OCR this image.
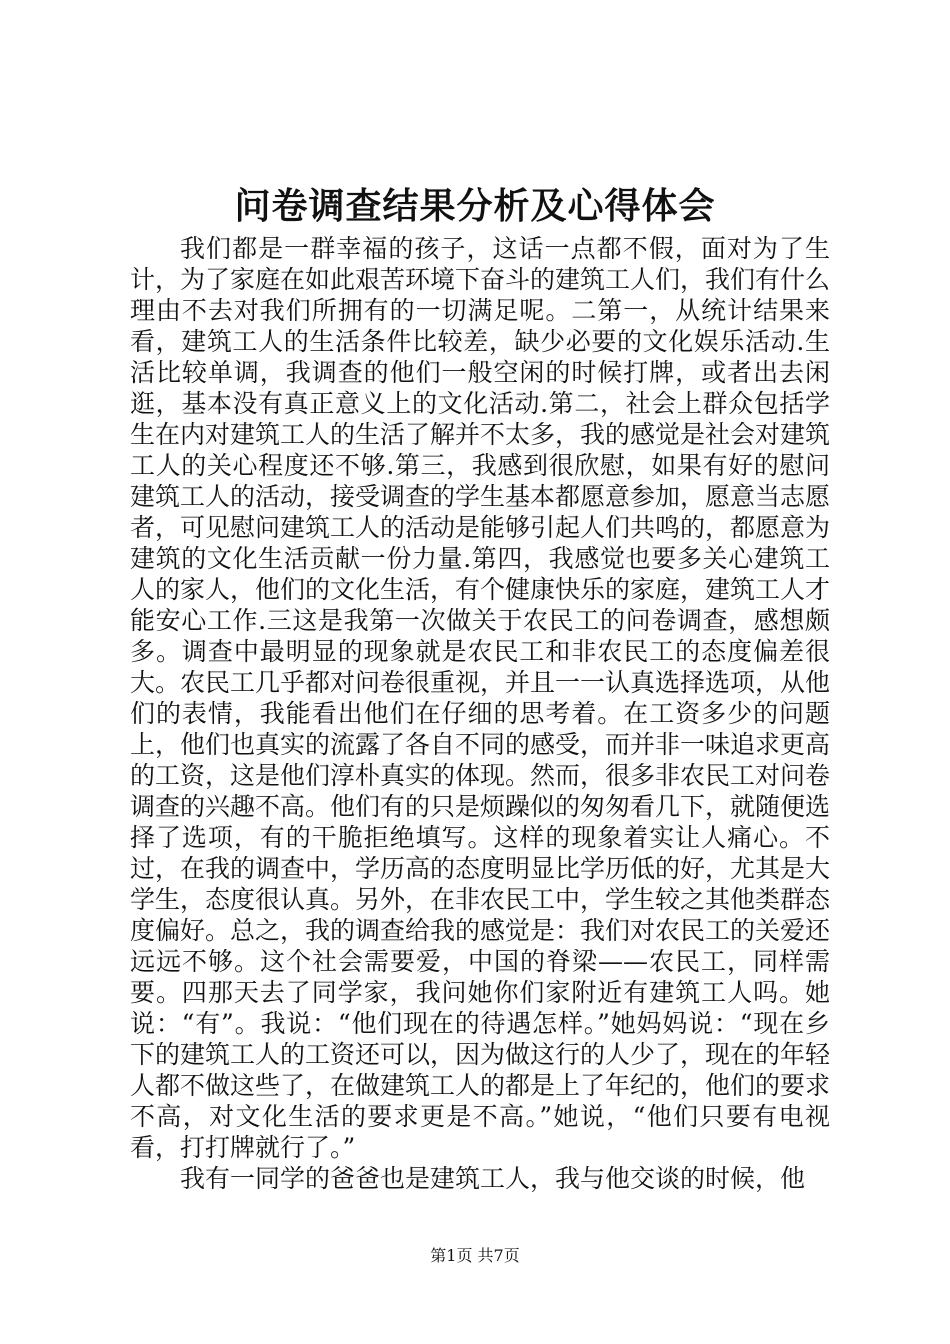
问卷调查结果分析及心得体会

我们都是一群幸福的孩子，这话一点都不假，面对为了生计，为了家庭在如此艰苦环境下奋斗的建筑工人们，我们有什么理由不去对我们所拥有的一切满足呢。二第一，从统计结果来看，建筑工人的生活条件比较差，缺少必要的文化娱乐活动.生活比较单调，我调查的他们一般空闲的时候打牌，或者出去闲逛，基本没有真正意义上的文化活动.第二，社会上群众包括学生在内对建筑工人的生活了解并不太多，我的感觉是社会对建筑工人的关心程度还不够.第三，我感到很欣慰，如果有好的慰问建筑工人的活动，接受调查的学生基本都愿意参加，愿意当志愿者，可见慰问建筑工人的活动是能够引起人们共鸣的，都愿意为建筑的文化生活贡献一份力量.第四，我感觉也要多关心建筑工人的家人，他们的文化生活，有个健康快乐的家庭，建筑工人才能安心工作.三这是我第一次做关于农民工的问卷调查，感想颇多。调查中最明显的现象就是农民工和非农民工的态度偏差很大。农民工几乎都对问卷很重视，并且一一认真选择选项，从他们的表情，我能看出他们在仔细的思考着。在工资多少的问题上，他们也真实的流露了各自不同的感受，而并非一味追求更高的工资，这是他们淳朴真实的体现。然而，很多非农民工对问卷调查的兴趣不高。他们有的只是烦躁似的匆匆看几下，就随便选择了选项，有的干脆拒绝填写。这样的现象着实让人痛心。不过，在我的调查中，学历高的态度明显比学历低的好，尤其是大学生，态度很认真。另外，在非农民工中，学生较之其他类群态度偏好。总之，我的调查给我的感觉是：我们对农民工的关爱还远远不够。这个社会需要爱，中国的脊梁——农民工，同样需要。四那天去了同学家，我问她你们家附近有建筑工人吗。她说：“有”。我说：“他们现在的待遇怎样。”她妈妈说：“现在乡下的建筑工人的工资还可以，因为做这行的人少了，现在的年轻人都不做这些了，在做建筑工人的都是上了年纪的，他们的要求不高，对文化生活的要求更是不高。”她说，“他们只要有电视看，打打牌就行了。”

我有一同学的爸爸也是建筑工人，我与他交谈的时候，他

第1页 共7页
